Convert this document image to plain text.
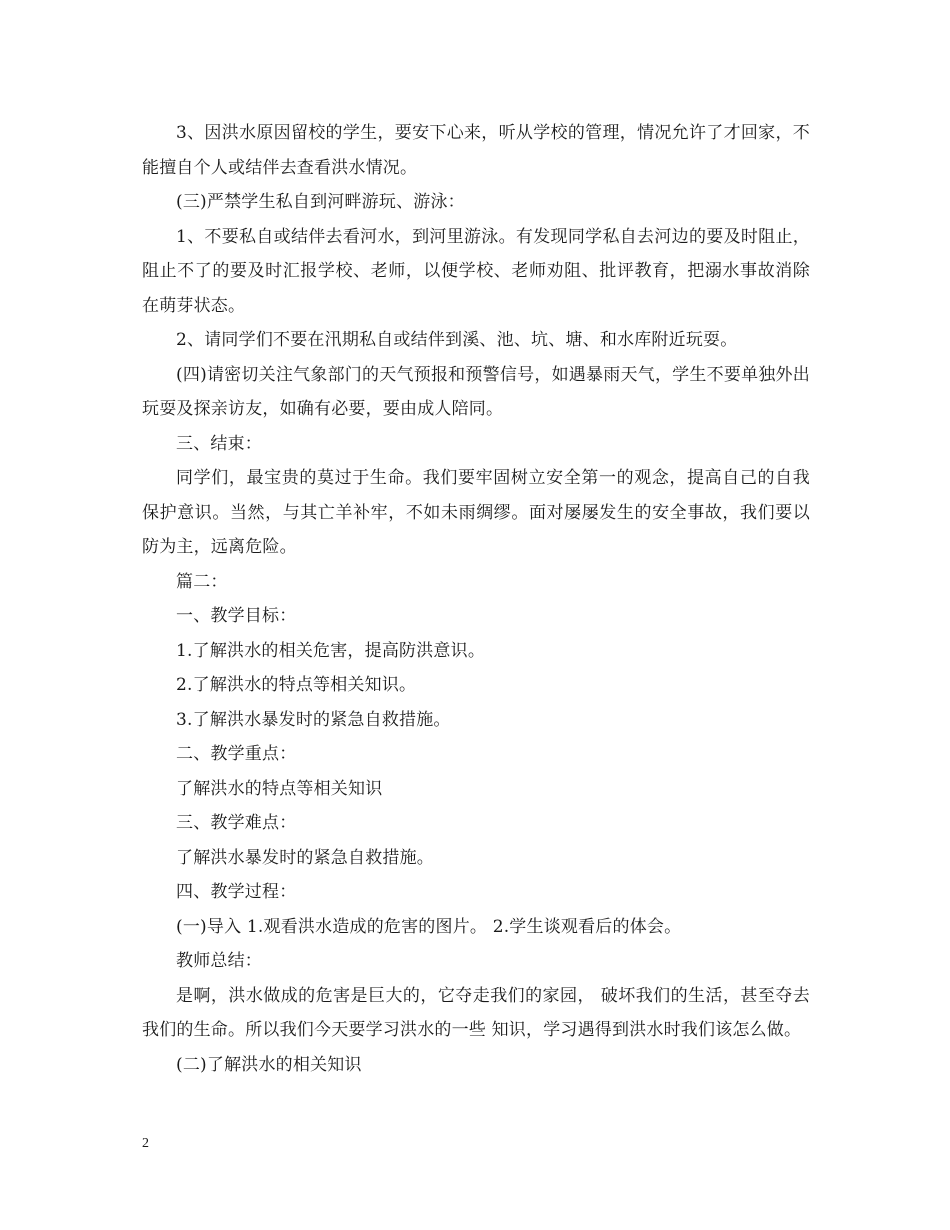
3、因洪水原因留校的学生，要安下心来，听从学校的管理，情况允许了才回家，不能擅自个人或结伴去查看洪水情况。

(三)严禁学生私自到河畔游玩、游泳：

1、不要私自或结伴去看河水，到河里游泳。有发现同学私自去河边的要及时阻止，阻止不了的要及时汇报学校、老师，以便学校、老师劝阻、批评教育，把溺水事故消除在萌芽状态。

2、请同学们不要在汛期私自或结伴到溪、池、坑、塘、和水库附近玩耍。

(四)请密切关注气象部门的天气预报和预警信号，如遇暴雨天气，学生不要单独外出玩耍及探亲访友，如确有必要，要由成人陪同。

三、结束：

同学们，最宝贵的莫过于生命。我们要牢固树立安全第一的观念，提高自己的自我保护意识。当然，与其亡羊补牢，不如未雨绸缪。面对屡屡发生的安全事故，我们要以防为主，远离危险。

篇二：

一、教学目标：

1.了解洪水的相关危害，提高防洪意识。

2.了解洪水的特点等相关知识。

3.了解洪水暴发时的紧急自救措施。

二、教学重点：

了解洪水的特点等相关知识

三、教学难点：

了解洪水暴发时的紧急自救措施。

四、教学过程：

(一)导入 1.观看洪水造成的危害的图片。 2.学生谈观看后的体会。

教师总结：

是啊，洪水做成的危害是巨大的，它夺走我们的家园， 破坏我们的生活，甚至夺去我们的生命。所以我们今天要学习洪水的一些 知识，学习遇得到洪水时我们该怎么做。

(二)了解洪水的相关知识

2
